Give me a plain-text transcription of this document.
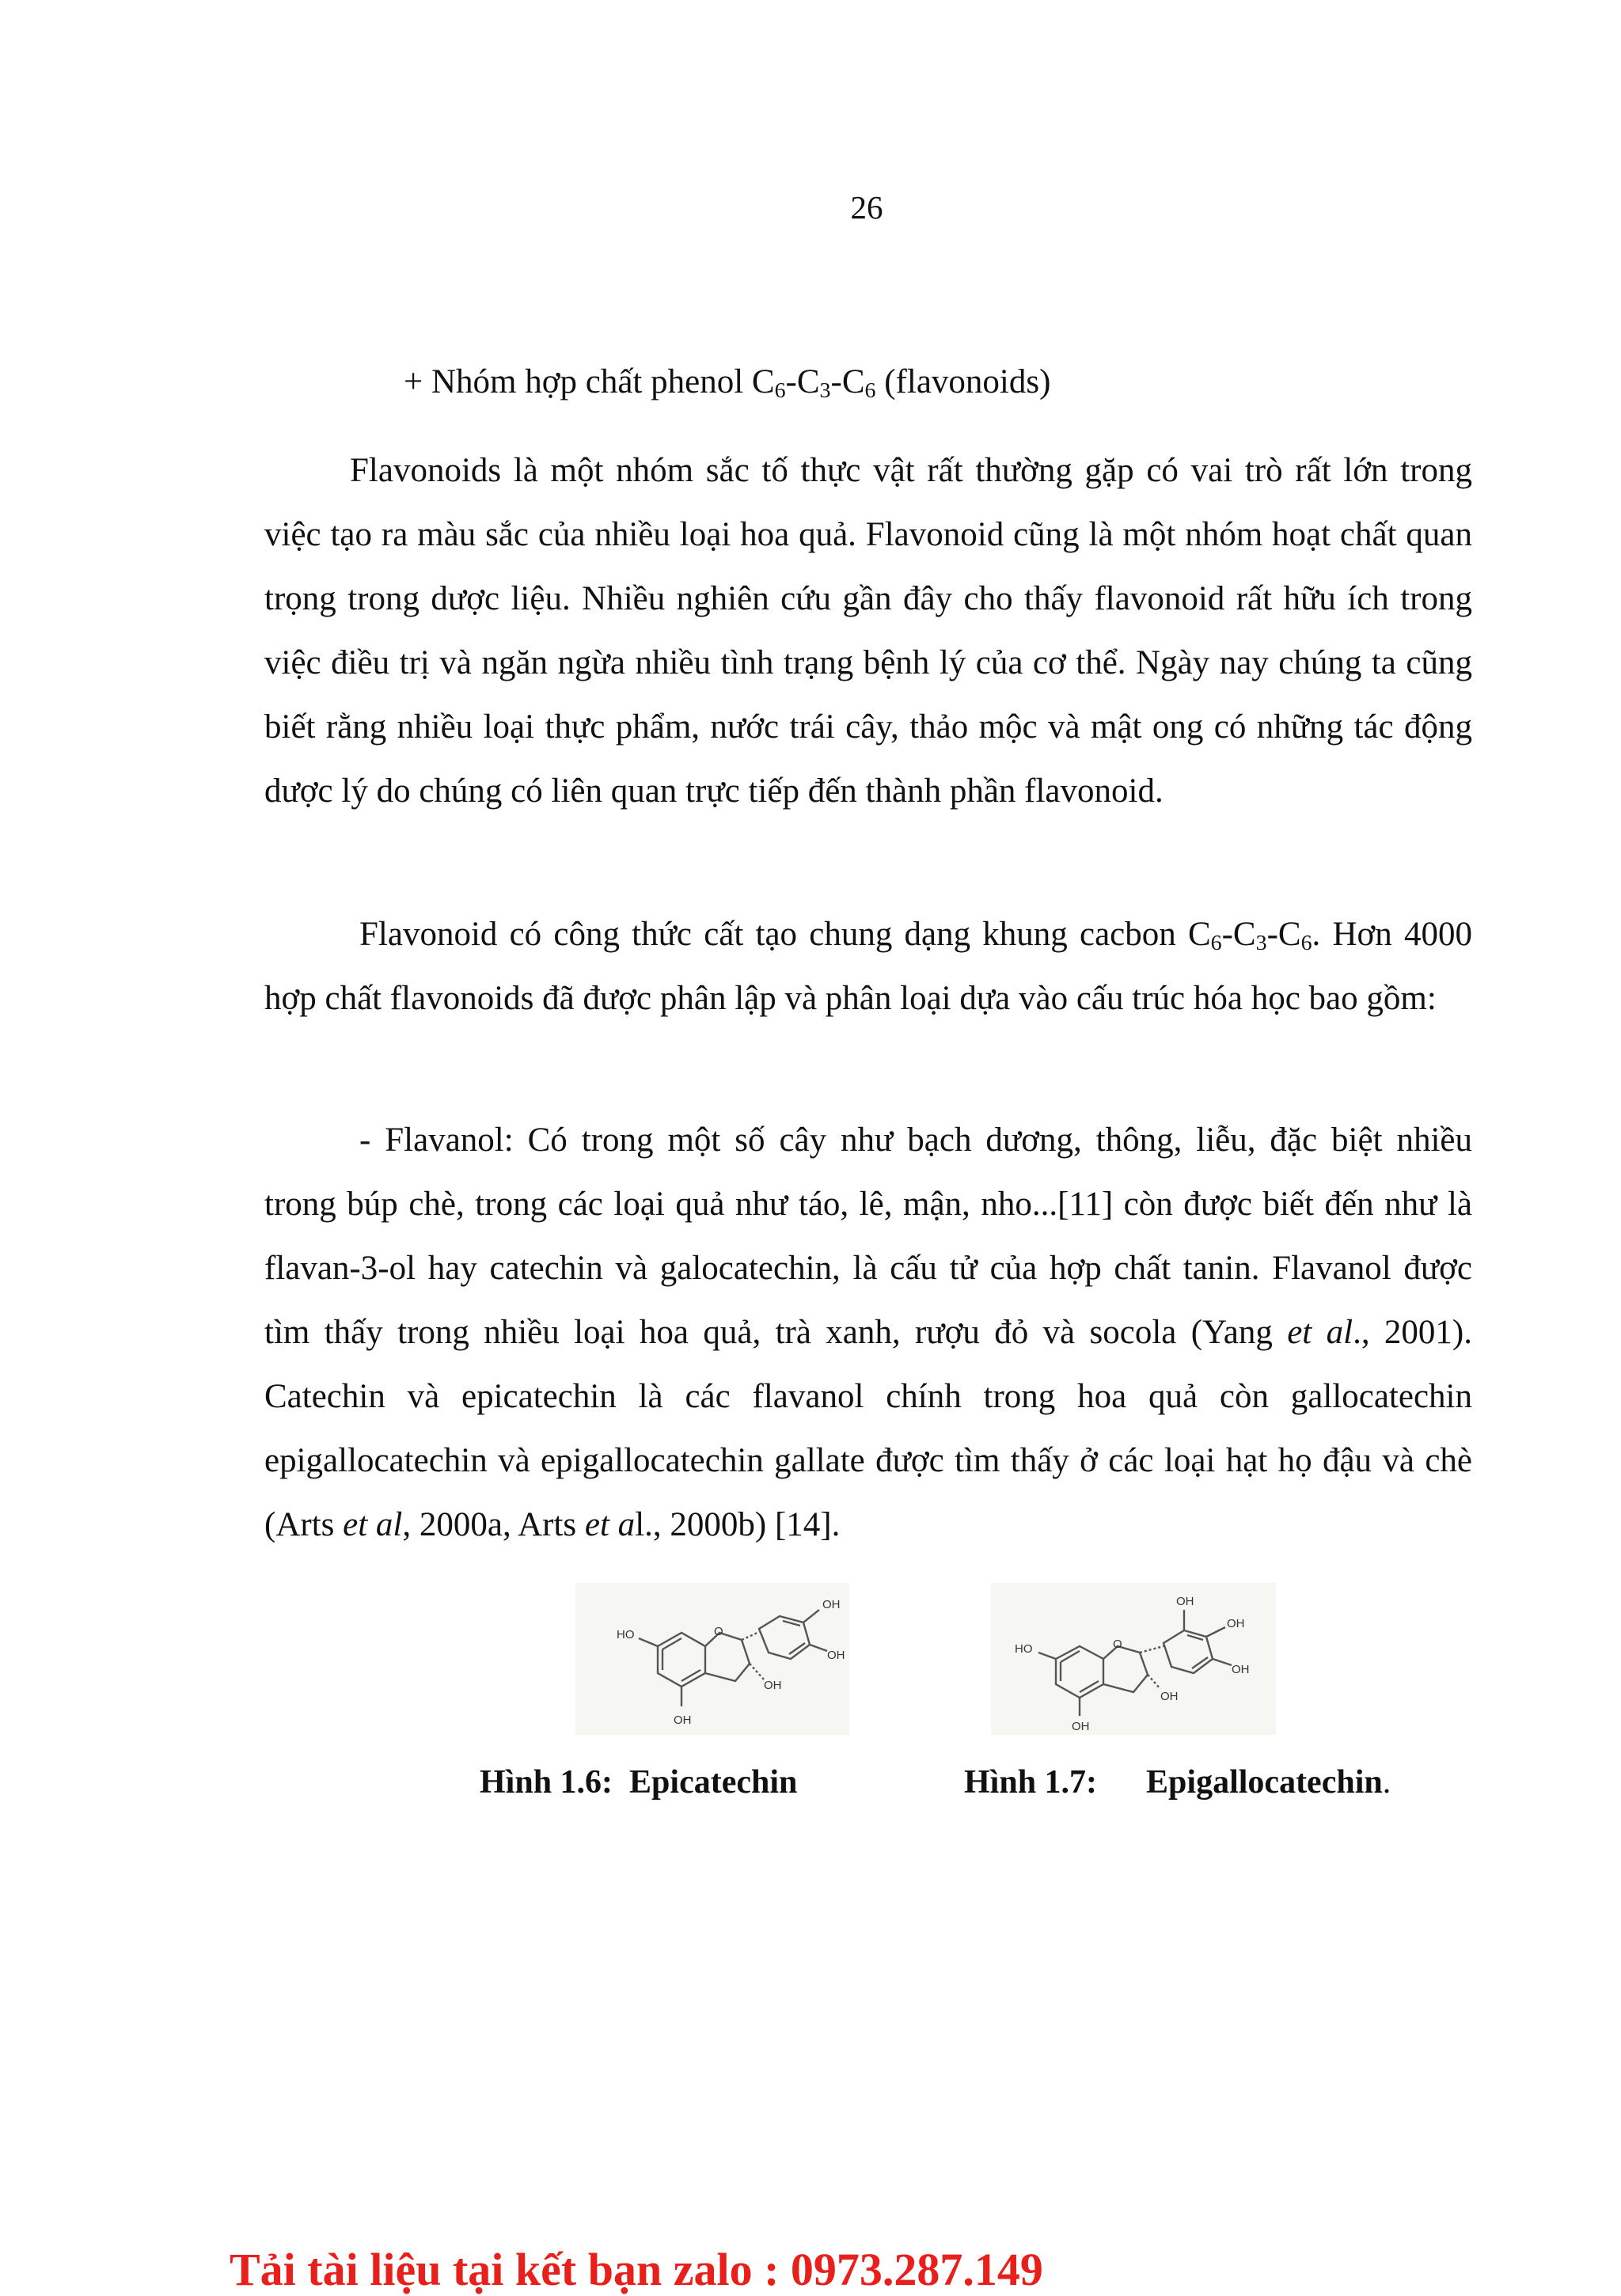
26
+ Nhóm hợp chất phenol $C_6-C_3-C_6$ (flavonoids)
Flavonoids là một nhóm sắc tố thực vật rất thường gặp có vai trò rất lớn trong việc tạo ra màu sắc của nhiều loại hoa quả. Flavonoid cũng là một nhóm hoạt chất quan trọng trong dược liệu. Nhiều nghiên cứu gần đây cho thấy flavonoid rất hữu ích trong việc điều trị và ngăn ngừa nhiều tình trạng bệnh lý của cơ thể. Ngày nay chúng ta cũng biết rằng nhiều loại thực phẩm, nước trái cây, thảo mộc và mật ong có những tác động dược lý do chúng có liên quan trực tiếp đến thành phần flavonoid.
Flavonoid có công thức cất tạo chung dạng khung cacbon $C_6-C_3-C_6$. Hơn 4000 hợp chất flavonoids đã được phân lập và phân loại dựa vào cấu trúc hóa học bao gồm:
- Flavanol: Có trong một số cây như bạch dương, thông, liễu, đặc biệt nhiều trong búp chè, trong các loại quả như táo, lê, mận, nho...[11] còn được biết đến như là flavan-3-ol hay catechin và galocatechin, là cấu tử của hợp chất tanin. Flavanol được tìm thấy trong nhiều loại hoa quả, trà xanh, rượu đỏ và socola (Yang et al., 2001). Catechin và epicatechin là các flavanol chính trong hoa quả còn gallocatechin epigallocatechin và epigallocatechin gallate được tìm thấy ở các loại hạt họ đậu và chè (Arts et al, 2000a, Arts et al., 2000b) [14].
OH
OH
HO	O
OH
OH
OH
OH
OH
HO	O
OH
OH
Hình 1.6: Epicatechin	Hình 1.7: Epigallocatechin.
Tải tài liệu tại kết bạn zalo : 0973.287.149
